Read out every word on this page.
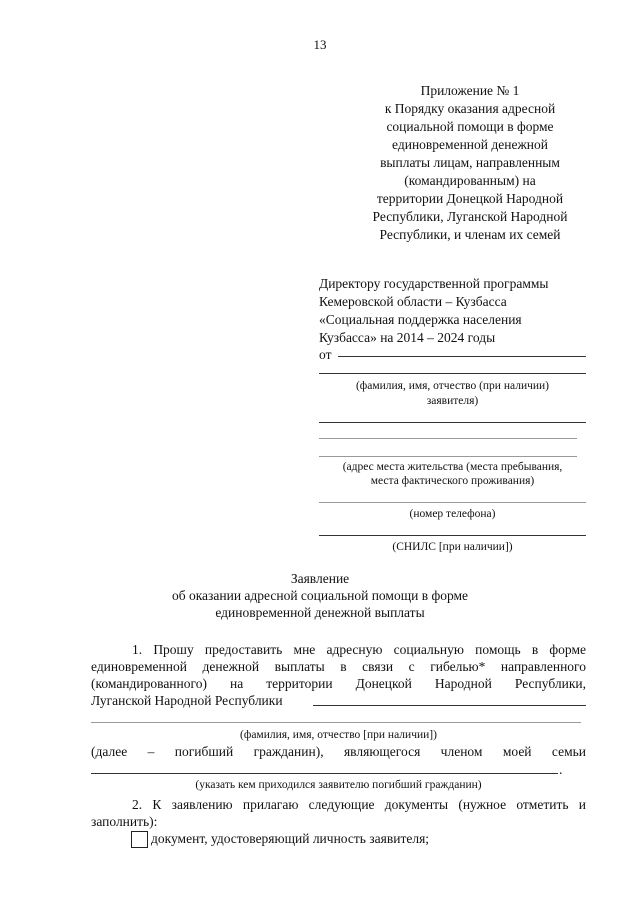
13
Приложение № 1
к Порядку оказания адресной
социальной помощи в форме
единовременной денежной
выплаты лицам, направленным
(командированным) на
территории Донецкой Народной
Республики, Луганской Народной
Республики, и членам их семей
Директору государственной программы
Кемеровской области – Кузбасса
«Социальная поддержка населения
Кузбасса» на 2014 – 2024 годы
от
(фамилия, имя, отчество (при наличии)
заявителя)
(адрес места жительства (места пребывания,
места фактического проживания)
(номер телефона)
(СНИЛС [при наличии])
Заявление
об оказании адресной социальной помощи в форме
единовременной денежной выплаты
1. Прошу предоставить мне адресную социальную помощь в форме
единовременной денежной выплаты в связи с гибелью* направленного
(командированного) на территории Донецкой Народной Республики,
Луганской Народной Республики
(фамилия, имя, отчество [при наличии])
(далее – погибший гражданин), являющегося членом моей семьи
.
(указать кем приходился заявителю погибший гражданин)
2. К заявлению прилагаю следующие документы (нужное отметить и
заполнить):
документ, удостоверяющий личность заявителя;
